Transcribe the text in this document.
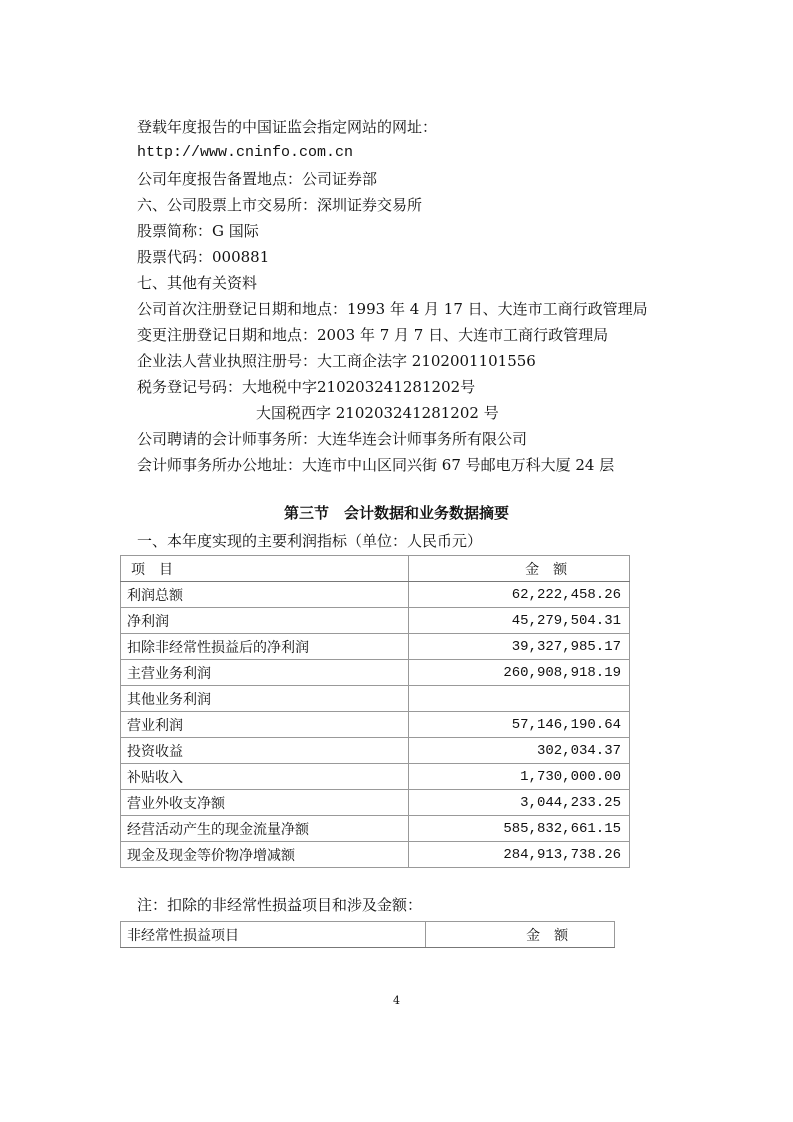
登载年度报告的中国证监会指定网站的网址：
http://www.cninfo.com.cn
公司年度报告备置地点：公司证券部
六、公司股票上市交易所：深圳证券交易所
股票简称：G 国际
股票代码：000881
七、其他有关资料
公司首次注册登记日期和地点：1993 年 4 月 17 日、大连市工商行政管理局
变更注册登记日期和地点：2003 年 7 月 7 日、大连市工商行政管理局
企业法人营业执照注册号：大工商企法字 2102001101556
税务登记号码：大地税中字210203241281202号
大国税西字 210203241281202 号
公司聘请的会计师事务所：大连华连会计师事务所有限公司
会计师事务所办公地址：大连市中山区同兴街 67 号邮电万科大厦 24 层
第三节　会计数据和业务数据摘要
一、本年度实现的主要利润指标（单位：人民币元）
项　目	金　额
利润总额	62,222,458.26
净利润	45,279,504.31
扣除非经常性损益后的净利润	39,327,985.17
主营业务利润	260,908,918.19
其他业务利润	
营业利润	57,146,190.64
投资收益	302,034.37
补贴收入	1,730,000.00
营业外收支净额	3,044,233.25
经营活动产生的现金流量净额	585,832,661.15
现金及现金等价物净增减额	284,913,738.26
注：扣除的非经常性损益项目和涉及金额：
非经常性损益项目	金　额
4
